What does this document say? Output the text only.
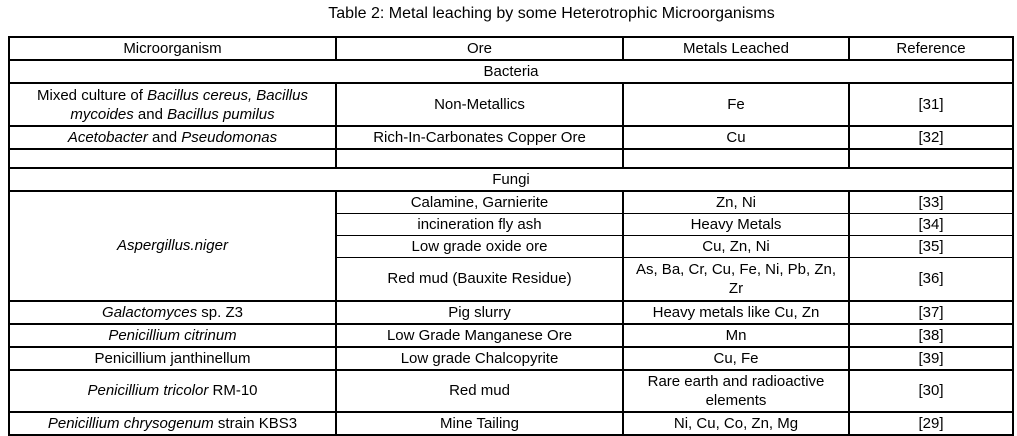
Table 2: Metal leaching by some Heterotrophic Microorganisms
Microorganism	Ore	Metals Leached	Reference
Bacteria			
Mixed culture of Bacillus cereus, Bacillus mycoides and Bacillus pumilus	Non-Metallics	Fe	[31]
Acetobacter and Pseudomonas	Rich-In-Carbonates Copper Ore	Cu	[32]

Fungi			
Aspergillus.niger	Calamine, Garnierite	Zn, Ni	[33]
	incineration fly ash	Heavy Metals	[34]
	Low grade oxide ore	Cu, Zn, Ni	[35]
	Red mud (Bauxite Residue)	As, Ba, Cr, Cu, Fe, Ni, Pb, Zn, Zr	[36]
Galactomyces sp. Z3	Pig slurry	Heavy metals like Cu, Zn	[37]
Penicillium citrinum	Low Grade Manganese Ore	Mn	[38]
Penicillium janthinellum	Low grade Chalcopyrite	Cu, Fe	[39]
Penicillium tricolor RM-10	Red mud	Rare earth and radioactive elements	[30]
Penicillium chrysogenum strain KBS3	Mine Tailing	Ni, Cu, Co, Zn, Mg	[29]
